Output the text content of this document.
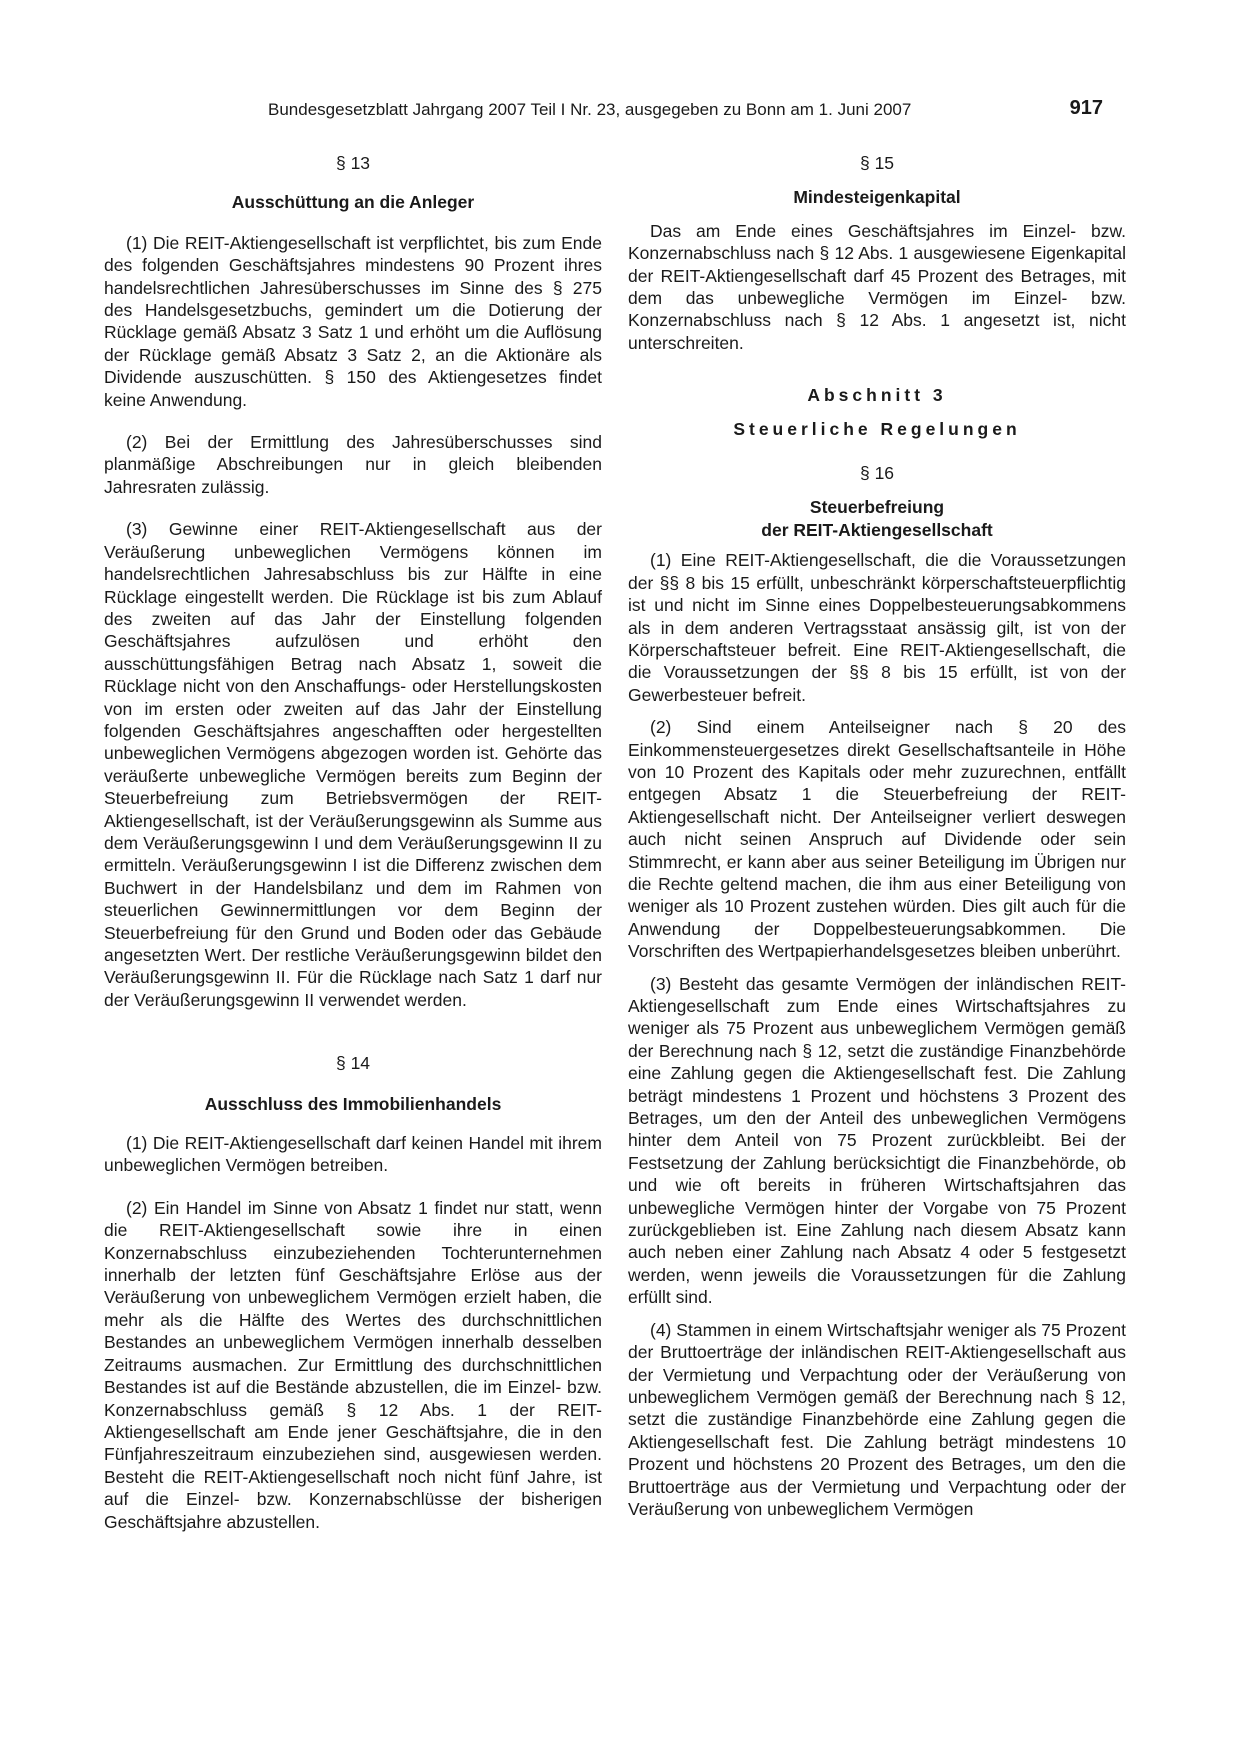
Bundesgesetzblatt Jahrgang 2007 Teil I Nr. 23, ausgegeben zu Bonn am 1. Juni 2007	917

§ 13

Ausschüttung an die Anleger

(1) Die REIT-Aktiengesellschaft ist verpflichtet, bis zum Ende des folgenden Geschäftsjahres mindestens 90 Prozent ihres handelsrechtlichen Jahresüberschusses im Sinne des § 275 des Handelsgesetzbuchs, gemindert um die Dotierung der Rücklage gemäß Absatz 3 Satz 1 und erhöht um die Auflösung der Rücklage gemäß Absatz 3 Satz 2, an die Aktionäre als Dividende auszuschütten. § 150 des Aktiengesetzes findet keine Anwendung.

(2) Bei der Ermittlung des Jahresüberschusses sind planmäßige Abschreibungen nur in gleich bleibenden Jahresraten zulässig.

(3) Gewinne einer REIT-Aktiengesellschaft aus der Veräußerung unbeweglichen Vermögens können im handelsrechtlichen Jahresabschluss bis zur Hälfte in eine Rücklage eingestellt werden. Die Rücklage ist bis zum Ablauf des zweiten auf das Jahr der Einstellung folgenden Geschäftsjahres aufzulösen und erhöht den ausschüttungsfähigen Betrag nach Absatz 1, soweit die Rücklage nicht von den Anschaffungs- oder Herstellungskosten von im ersten oder zweiten auf das Jahr der Einstellung folgenden Geschäftsjahres angeschafften oder hergestellten unbeweglichen Vermögens abgezogen worden ist. Gehörte das veräußerte unbewegliche Vermögen bereits zum Beginn der Steuerbefreiung zum Betriebsvermögen der REIT-Aktiengesellschaft, ist der Veräußerungsgewinn als Summe aus dem Veräußerungsgewinn I und dem Veräußerungsgewinn II zu ermitteln. Veräußerungsgewinn I ist die Differenz zwischen dem Buchwert in der Handelsbilanz und dem im Rahmen von steuerlichen Gewinnermittlungen vor dem Beginn der Steuerbefreiung für den Grund und Boden oder das Gebäude angesetzten Wert. Der restliche Veräußerungsgewinn bildet den Veräußerungsgewinn II. Für die Rücklage nach Satz 1 darf nur der Veräußerungsgewinn II verwendet werden.

§ 14

Ausschluss des Immobilienhandels

(1) Die REIT-Aktiengesellschaft darf keinen Handel mit ihrem unbeweglichen Vermögen betreiben.

(2) Ein Handel im Sinne von Absatz 1 findet nur statt, wenn die REIT-Aktiengesellschaft sowie ihre in einen Konzernabschluss einzubeziehenden Tochterunternehmen innerhalb der letzten fünf Geschäftsjahre Erlöse aus der Veräußerung von unbeweglichem Vermögen erzielt haben, die mehr als die Hälfte des Wertes des durchschnittlichen Bestandes an unbeweglichem Vermögen innerhalb desselben Zeitraums ausmachen. Zur Ermittlung des durchschnittlichen Bestandes ist auf die Bestände abzustellen, die im Einzel- bzw. Konzernabschluss gemäß § 12 Abs. 1 der REIT-Aktiengesellschaft am Ende jener Geschäftsjahre, die in den Fünfjahreszeitraum einzubeziehen sind, ausgewiesen werden. Besteht die REIT-Aktiengesellschaft noch nicht fünf Jahre, ist auf die Einzel- bzw. Konzernabschlüsse der bisherigen Geschäftsjahre abzustellen.

§ 15

Mindesteigenkapital

Das am Ende eines Geschäftsjahres im Einzel- bzw. Konzernabschluss nach § 12 Abs. 1 ausgewiesene Eigenkapital der REIT-Aktiengesellschaft darf 45 Prozent des Betrages, mit dem das unbewegliche Vermögen im Einzel- bzw. Konzernabschluss nach § 12 Abs. 1 angesetzt ist, nicht unterschreiten.

Abschnitt 3

Steuerliche Regelungen

§ 16

Steuerbefreiung

der REIT-Aktiengesellschaft

(1) Eine REIT-Aktiengesellschaft, die die Voraussetzungen der §§ 8 bis 15 erfüllt, unbeschränkt körperschaftsteuerpflichtig ist und nicht im Sinne eines Doppelbesteuerungsabkommens als in dem anderen Vertragsstaat ansässig gilt, ist von der Körperschaftsteuer befreit. Eine REIT-Aktiengesellschaft, die die Voraussetzungen der §§ 8 bis 15 erfüllt, ist von der Gewerbesteuer befreit.

(2) Sind einem Anteilseigner nach § 20 des Einkommensteuergesetzes direkt Gesellschaftsanteile in Höhe von 10 Prozent des Kapitals oder mehr zuzurechnen, entfällt entgegen Absatz 1 die Steuerbefreiung der REIT-Aktiengesellschaft nicht. Der Anteilseigner verliert deswegen auch nicht seinen Anspruch auf Dividende oder sein Stimmrecht, er kann aber aus seiner Beteiligung im Übrigen nur die Rechte geltend machen, die ihm aus einer Beteiligung von weniger als 10 Prozent zustehen würden. Dies gilt auch für die Anwendung der Doppelbesteuerungsabkommen. Die Vorschriften des Wertpapierhandelsgesetzes bleiben unberührt.

(3) Besteht das gesamte Vermögen der inländischen REIT-Aktiengesellschaft zum Ende eines Wirtschaftsjahres zu weniger als 75 Prozent aus unbeweglichem Vermögen gemäß der Berechnung nach § 12, setzt die zuständige Finanzbehörde eine Zahlung gegen die Aktiengesellschaft fest. Die Zahlung beträgt mindestens 1 Prozent und höchstens 3 Prozent des Betrages, um den der Anteil des unbeweglichen Vermögens hinter dem Anteil von 75 Prozent zurückbleibt. Bei der Festsetzung der Zahlung berücksichtigt die Finanzbehörde, ob und wie oft bereits in früheren Wirtschaftsjahren das unbewegliche Vermögen hinter der Vorgabe von 75 Prozent zurückgeblieben ist. Eine Zahlung nach diesem Absatz kann auch neben einer Zahlung nach Absatz 4 oder 5 festgesetzt werden, wenn jeweils die Voraussetzungen für die Zahlung erfüllt sind.

(4) Stammen in einem Wirtschaftsjahr weniger als 75 Prozent der Bruttoerträge der inländischen REIT-Aktiengesellschaft aus der Vermietung und Verpachtung oder der Veräußerung von unbeweglichem Vermögen gemäß der Berechnung nach § 12, setzt die zuständige Finanzbehörde eine Zahlung gegen die Aktiengesellschaft fest. Die Zahlung beträgt mindestens 10 Prozent und höchstens 20 Prozent des Betrages, um den die Bruttoerträge aus der Vermietung und Verpachtung oder der Veräußerung von unbeweglichem Vermögen
